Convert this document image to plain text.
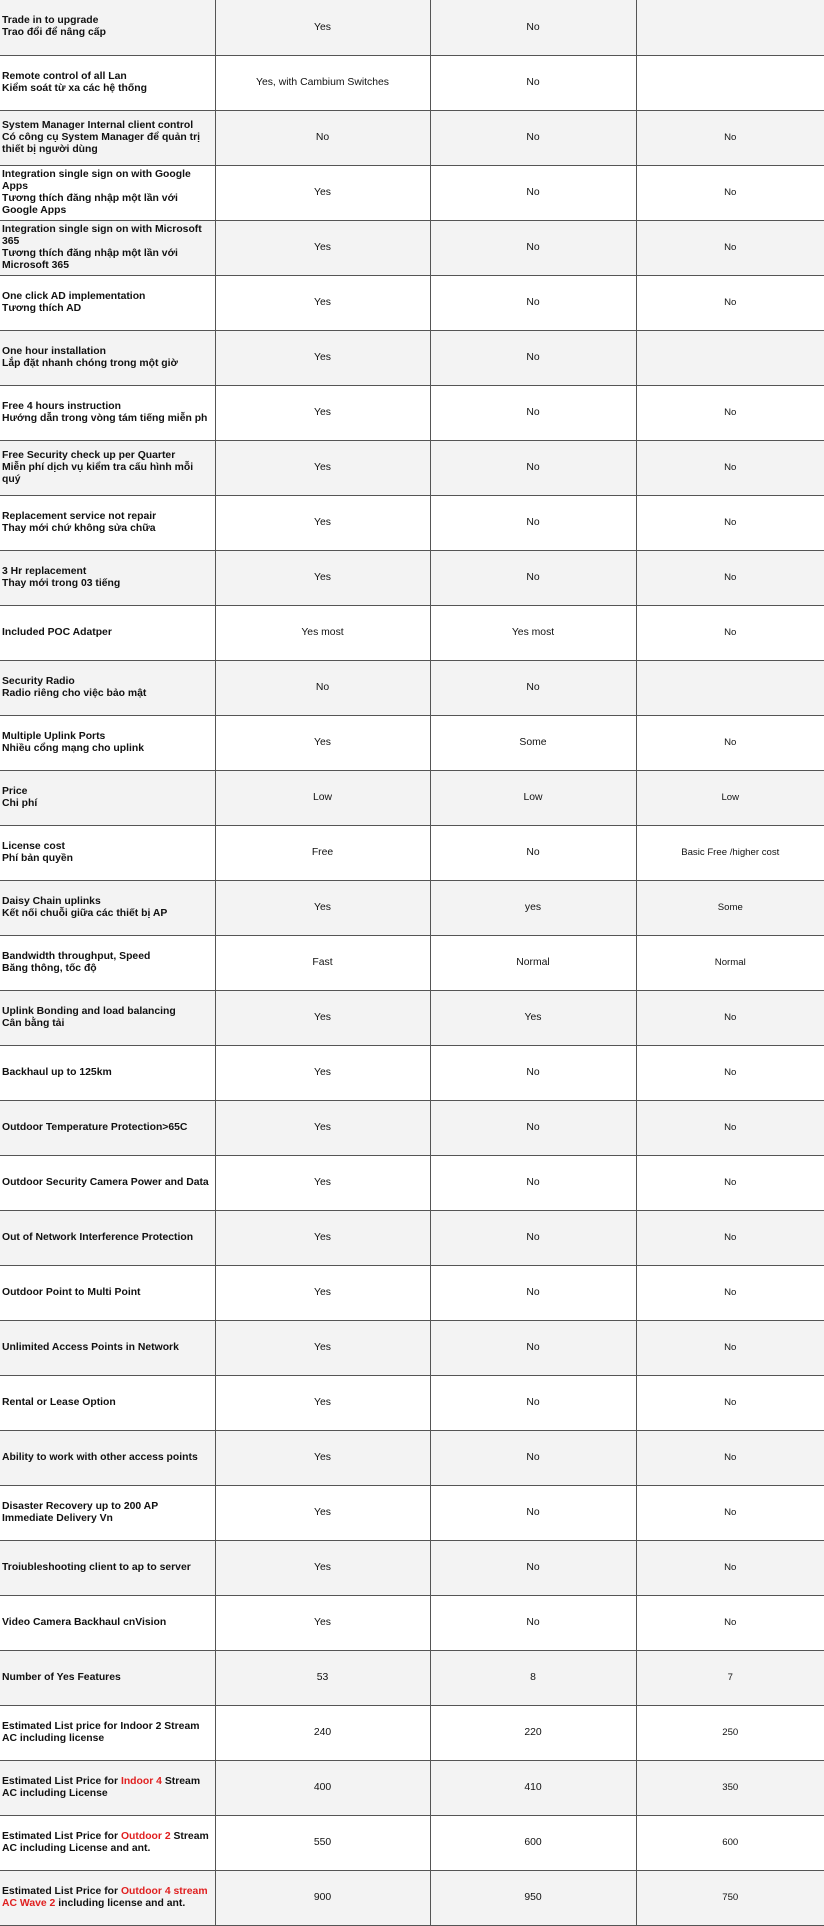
Trade in to upgrade
Trao đổi để nâng cấp	Yes	No	

Remote control of all Lan
Kiểm soát từ xa các hệ thống	Yes, with Cambium Switches	No	

System Manager Internal client control
Có công cụ System Manager để quản trị thiết bị người dùng	No	No	No

Integration single sign on with Google Apps
Tương thích đăng nhập một lần với Google Apps	Yes	No	No

Integration single sign on with Microsoft 365
Tương thích đăng nhập một lần với Microsoft 365	Yes	No	No

One click AD implementation
Tương thích AD	Yes	No	No

One hour installation
Lắp đặt nhanh chóng trong một giờ	Yes	No	

Free 4 hours instruction
Hướng dẫn trong vòng tám tiếng miễn ph	Yes	No	No

Free Security check up per Quarter
Miễn phí dịch vụ kiểm tra cấu hình mỗi quý	Yes	No	No

Replacement service not repair
Thay mới chứ không sửa chữa	Yes	No	No

3 Hr replacement
Thay mới trong 03 tiếng	Yes	No	No

Included POC Adatper	Yes most	Yes most	No

Security Radio
Radio riêng cho việc bảo mật	No	No	

Multiple Uplink Ports
Nhiều cổng mạng cho uplink	Yes	Some	No

Price
Chi phí	Low	Low	Low

License cost
Phí bản quyền	Free	No	Basic Free /higher cost

Daisy Chain uplinks
Kết nối chuỗi giữa các thiết bị AP	Yes	yes	Some

Bandwidth throughput, Speed
Băng thông, tốc độ	Fast	Normal	Normal

Uplink Bonding and load balancing
Cân bằng tải	Yes	Yes	No

Backhaul up to 125km	Yes	No	No

Outdoor Temperature Protection>65C	Yes	No	No

Outdoor Security Camera Power and Data	Yes	No	No

Out of Network Interference Protection	Yes	No	No

Outdoor Point to Multi Point	Yes	No	No

Unlimited Access Points in Network	Yes	No	No

Rental or Lease Option	Yes	No	No

Ability to work with other access points	Yes	No	No

Disaster Recovery up to 200 AP Immediate Delivery Vn	Yes	No	No

Troiubleshooting client to ap to server	Yes	No	No

Video Camera Backhaul cnVision	Yes	No	No

Number of Yes Features	53	8	7

Estimated List price for Indoor 2 Stream AC including license	240	220	250
Estimated List Price for Indoor 4 Stream AC including License	400	410	350
Estimated List Price for Outdoor 2 Stream AC including License and ant.	550	600	600
Estimated List Price for Outdoor 4 stream AC Wave 2 including license and ant.	900	950	750
